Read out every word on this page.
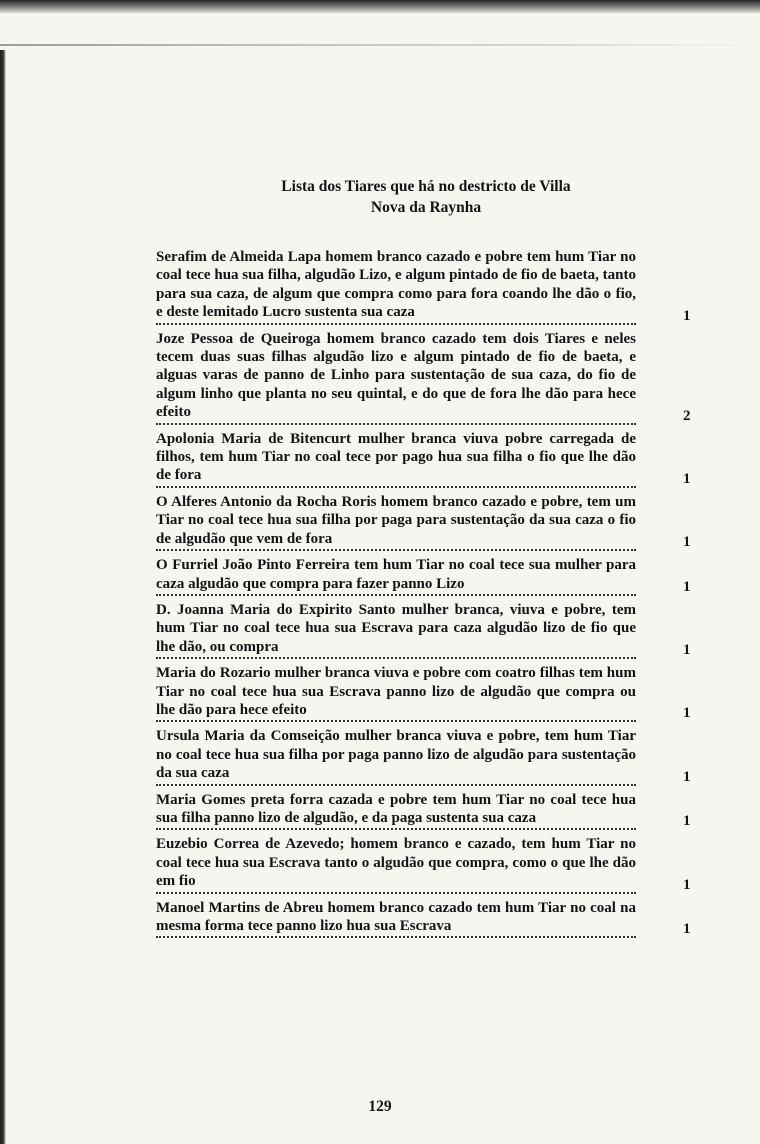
Lista dos Tiares que há no destricto de Villa
Nova da Raynha
Serafim de Almeida Lapa homem branco cazado e pobre tem hum Tiar no coal tece hua sua filha, algudão Lizo, e algum pintado de fio de baeta, tanto para sua caza, de algum que compra como para fora coando lhe dão o fio, e deste lemitado Lucro sustenta sua caza	1
Joze Pessoa de Queiroga homem branco cazado tem dois Tiares e neles tecem duas suas filhas algudão lizo e algum pintado de fio de baeta, e alguas varas de panno de Linho para sustentação de sua caza, do fio de algum linho que planta no seu quintal, e do que de fora lhe dão para hece efeito	2
Apolonia Maria de Bitencurt mulher branca viuva pobre carregada de filhos, tem hum Tiar no coal tece por pago hua sua filha o fio que lhe dão de fora	1
O Alferes Antonio da Rocha Roris homem branco cazado e pobre, tem um Tiar no coal tece hua sua filha por paga para sustentação da sua caza o fio de algudão que vem de fora	1
O Furriel João Pinto Ferreira tem hum Tiar no coal tece sua mulher para caza algudão que compra para fazer panno Lizo	1
D. Joanna Maria do Expirito Santo mulher branca, viuva e pobre, tem hum Tiar no coal tece hua sua Escrava para caza algudão lizo de fio que lhe dão, ou compra	1
Maria do Rozario mulher branca viuva e pobre com coatro filhas tem hum Tiar no coal tece hua sua Escrava panno lizo de algudão que compra ou lhe dão para hece efeito	1
Ursula Maria da Comseição mulher branca viuva e pobre, tem hum Tiar no coal tece hua sua filha por paga panno lizo de algudão para sustentação da sua caza	1
Maria Gomes preta forra cazada e pobre tem hum Tiar no coal tece hua sua filha panno lizo de algudão, e da paga sustenta sua caza	1
Euzebio Correa de Azevedo; homem branco e cazado, tem hum Tiar no coal tece hua sua Escrava tanto o algudão que compra, como o que lhe dão em fio	1
Manoel Martins de Abreu homem branco cazado tem hum Tiar no coal na mesma forma tece panno lizo hua sua Escrava	1
129
